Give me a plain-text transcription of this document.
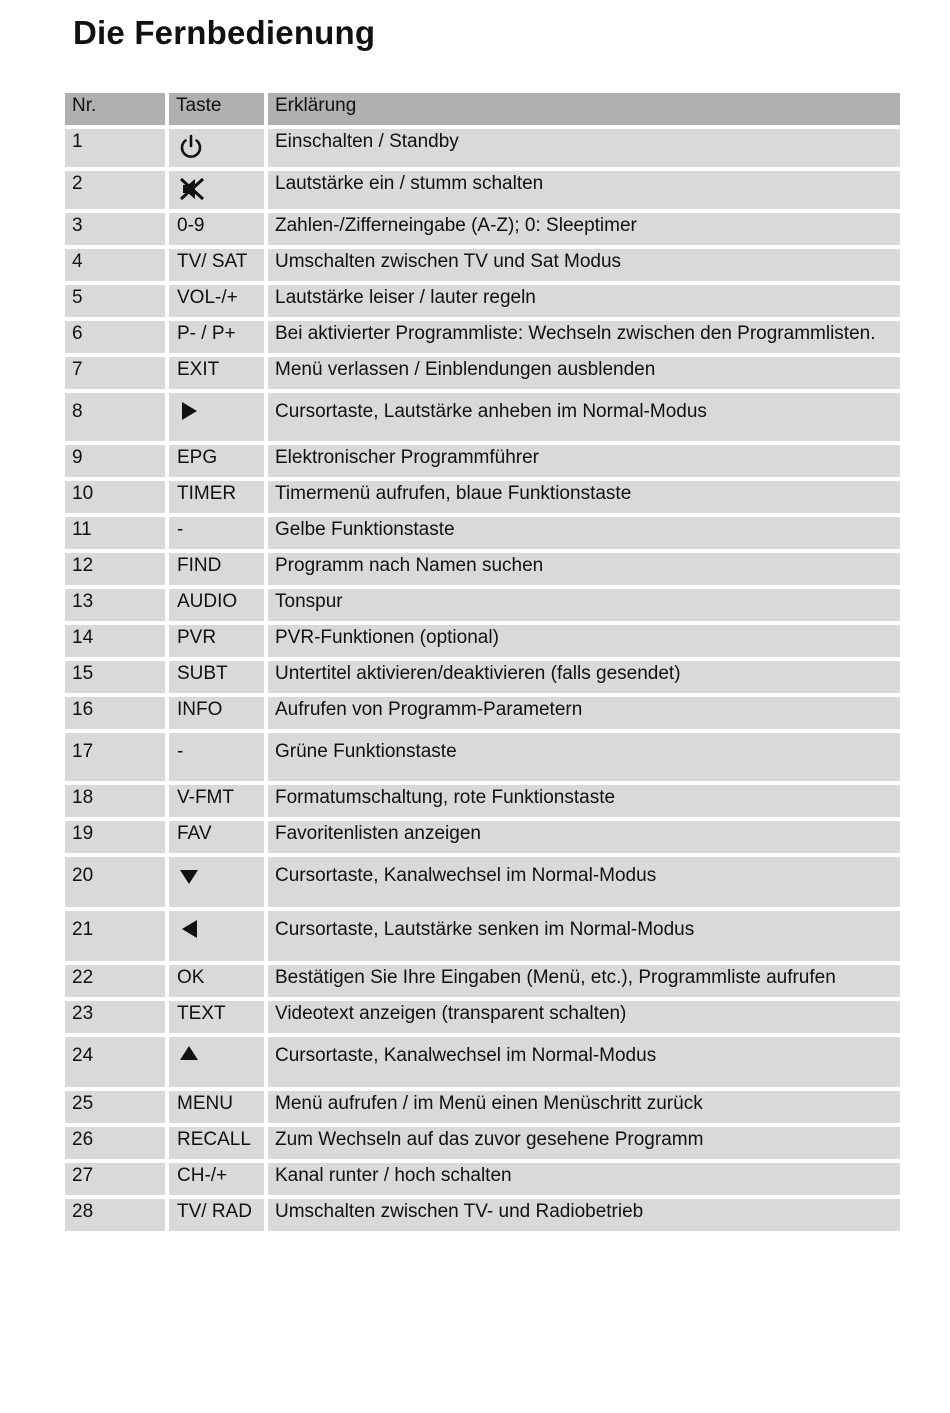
Die Fernbedienung
Nr.	Taste	Erklärung
1		Einschalten / Standby
2		Lautstärke ein / stumm schalten
3	0-9	Zahlen-/Zifferneingabe (A-Z); 0: Sleeptimer
4	TV/ SAT	Umschalten zwischen TV und Sat Modus
5	VOL-/+	Lautstärke leiser / lauter regeln
6	P- / P+	Bei aktivierter Programmliste: Wechseln zwischen den Programmlisten.
7	EXIT	Menü verlassen / Einblendungen ausblenden
8		Cursortaste, Lautstärke anheben im Normal-Modus
9	EPG	Elektronischer Programmführer
10	TIMER	Timermenü aufrufen, blaue Funktionstaste
11	-	Gelbe Funktionstaste
12	FIND	Programm nach Namen suchen
13	AUDIO	Tonspur
14	PVR	PVR-Funktionen (optional)
15	SUBT	Untertitel aktivieren/deaktivieren (falls gesendet)
16	INFO	Aufrufen von Programm-Parametern
17	-	Grüne Funktionstaste
18	V-FMT	Formatumschaltung, rote Funktionstaste
19	FAV	Favoritenlisten anzeigen
20		Cursortaste, Kanalwechsel im Normal-Modus
21		Cursortaste, Lautstärke senken im Normal-Modus
22	OK	Bestätigen Sie Ihre Eingaben (Menü, etc.), Programmliste aufrufen
23	TEXT	Videotext anzeigen (transparent schalten)
24		Cursortaste, Kanalwechsel im Normal-Modus
25	MENU	Menü aufrufen / im Menü einen Menüschritt zurück
26	RECALL	Zum Wechseln auf das zuvor gesehene Programm
27	CH-/+	Kanal runter / hoch schalten
28	TV/ RAD	Umschalten zwischen TV- und Radiobetrieb
